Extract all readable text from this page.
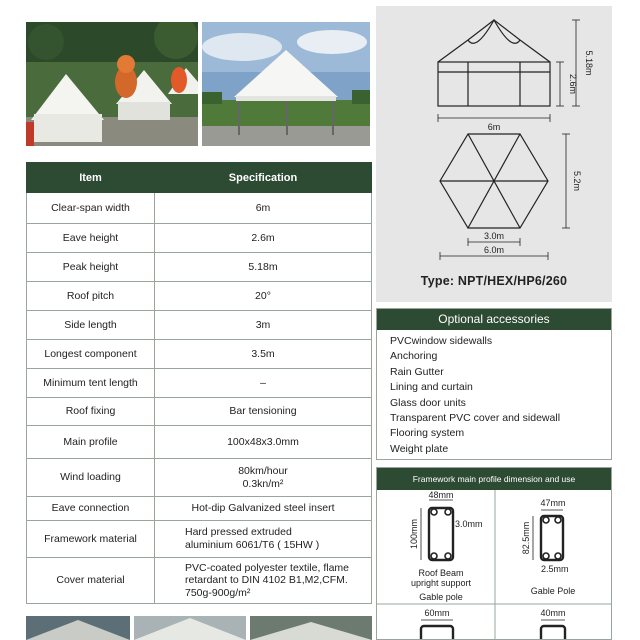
Item	Specification
Clear-span width	6m
Eave height	2.6m
Peak height	5.18m
Roof pitch	20°
Side length	3m
Longest component	3.5m
Minimum tent length	–
Roof fixing	Bar tensioning
Main profile	100x48x3.0mm
Wind loading	80km/hour
0.3kn/m²
Eave connection	Hot-dip Galvanized steel insert
Framework material	Hard pressed extruded
aluminium 6061/T6 ( 15HW )
Cover material	PVC-coated polyester textile, flame
retardant to DIN 4102 B1,M2,CFM.
750g-900g/m²
6m
2.6m
5.18m
5.2m
3.0m
6.0m
Type: NPT/HEX/HP6/260
Optional accessories
PVCwindow sidewalls
Anchoring
Rain Gutter
Lining and curtain
Glass door units
Transparent PVC cover and sidewall
Flooring system
Weight plate
Framework main profile dimension and use
48mm
100mm	3.0mm
Roof Beam
upright support
Gable pole
47mm
82.5mm
2.5mm
Gable Pole
60mm	40mm
